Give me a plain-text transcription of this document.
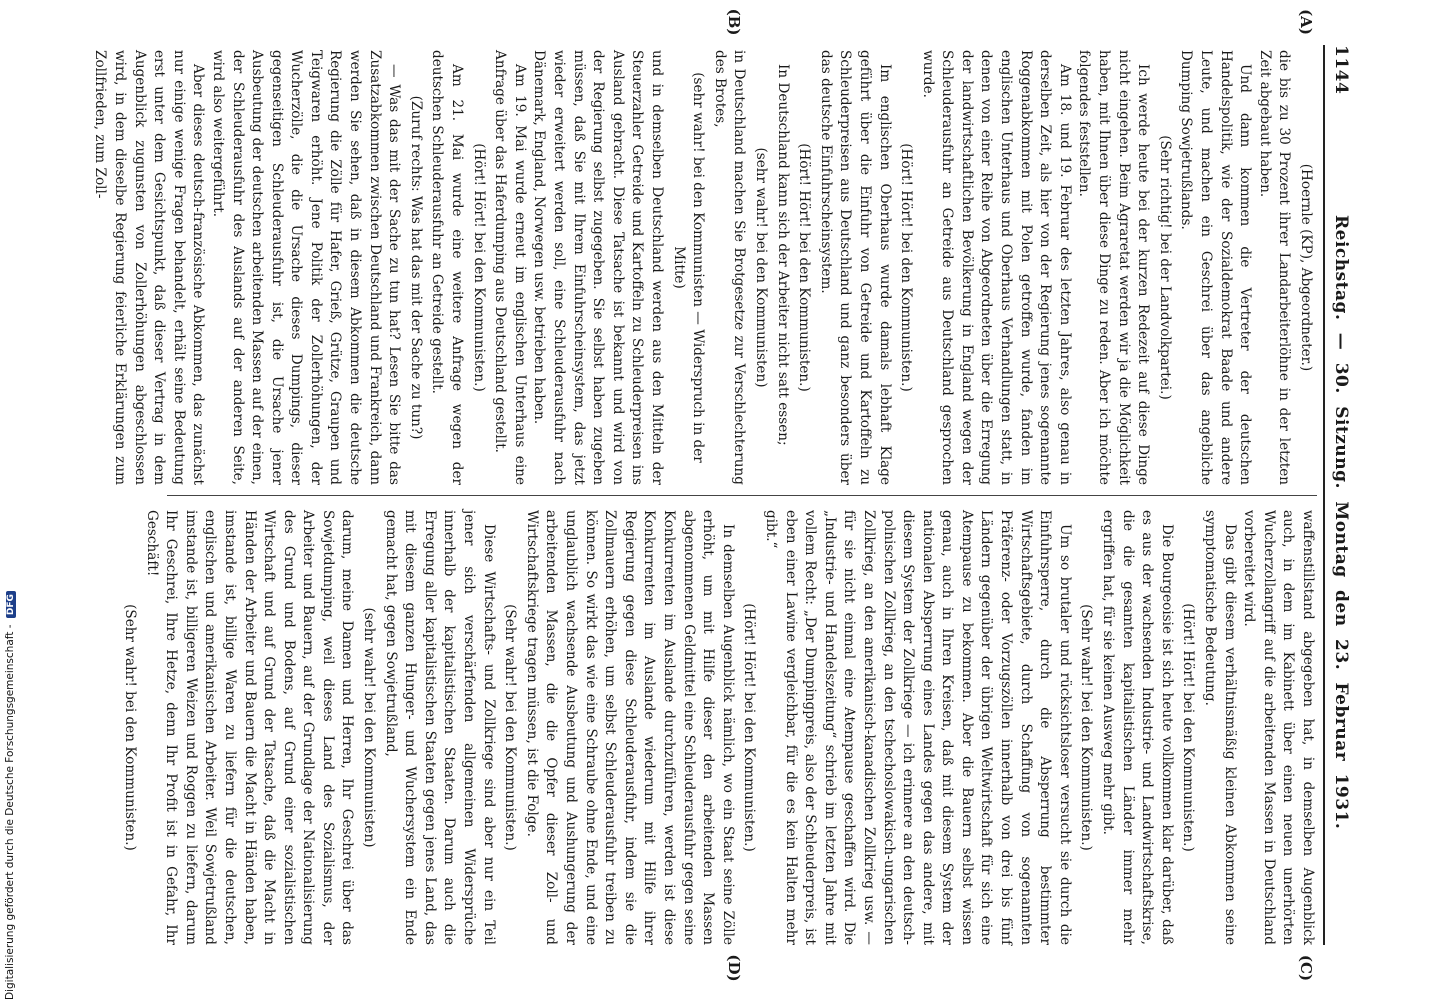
1144
Reichstag. — 30. Sitzung. Montag den 23. Februar 1931.
(A)
(B)
(C)
(D)

(Hoernle (KP), Abgeordneter.)

die bis zu 30 Prozent ihrer Landarbeiterlöhne in der letzten Zeit abgebaut haben.

Und dann kommen die Vertreter der deutschen Handelspolitik, wie der Sozialdemokrat Baade und andere Leute, und machen ein Geschrei über das angebliche Dumping Sowjetrußlands.

(Sehr richtig! bei der Landvolkpartei.)

Ich werde heute bei der kurzen Redezeit auf diese Dinge nicht eingehen. Beim Agraretat werden wir ja die Möglichkeit haben, mit Ihnen über diese Dinge zu reden. Aber ich möchte folgendes feststellen.

Am 18. und 19. Februar des letzten Jahres, also genau in derselben Zeit, als hier von der Regierung jenes sogenannte Roggenabkommen mit Polen getroffen wurde, fanden im englischen Unterhaus und Oberhaus Verhandlungen statt, in denen von einer Reihe von Abgeordneten über die Erregung der landwirtschaftlichen Bevölkerung in England wegen der Schleuderausfuhr an Getreide aus Deutschland gesprochen wurde.

(Hört! Hört! bei den Kommunisten.)

Im englischen Oberhaus wurde damals lebhaft Klage geführt über die Einfuhr von Getreide und Kartoffeln zu Schleuderpreisen aus Deutschland und ganz besonders über das deutsche Einfuhrscheinsystem.

(Hört! Hört! bei den Kommunisten.)

In Deutschland kann sich der Arbeiter nicht satt essen;

(sehr wahr! bei den Kommunisten)

in Deutschland machen Sie Brotgesetze zur Verschlechterung des Brotes,

(sehr wahr! bei den Kommunisten — Widerspruch in der Mitte)

und in demselben Deutschland werden aus den Mitteln der Steuerzahler Getreide und Kartoffeln zu Schleuderpreisen ins Ausland gebracht. Diese Tatsache ist bekannt und wird von der Regierung selbst zugegeben. Sie selbst haben zugeben müssen, daß Sie mit Ihrem Einfuhrscheinsystem, das jetzt wieder erweitert werden soll, eine Schleuderausfuhr nach Dänemark, England, Norwegen usw. betrieben haben.

Am 19. Mai wurde erneut im englischen Unterhaus eine Anfrage über das Haferdumping aus Deutschland gestellt.

(Hört! Hört! bei den Kommunisten.)

Am 21. Mai wurde eine weitere Anfrage wegen der deutschen Schleuderausfuhr an Getreide gestellt.

(Zuruf rechts: Was hat das mit der Sache zu tun?)

— Was das mit der Sache zu tun hat? Lesen Sie bitte das Zusatzabkommen zwischen Deutschland und Frankreich, dann werden Sie sehen, daß in diesem Abkommen die deutsche Regierung die Zölle für Hafer, Grieß, Grütze, Graupen und Teigwaren erhöht. Jene Politik der Zollerhöhungen, der Wucherzölle, die die Ursache dieses Dumpings, dieser gegenseitigen Schleuderausfuhr ist, die Ursache jener Ausbeutung der deutschen arbeitenden Massen auf der einen, der Schleuderausfuhr des Auslands auf der anderen Seite, wird also weitergeführt.

Aber dieses deutsch-französische Abkommen, das zunächst nur einige wenige Fragen behandelt, erhält seine Bedeutung erst unter dem Gesichtspunkt, daß dieser Vertrag in dem Augenblick zugunsten von Zollerhöhungen abgeschlossen wird, in dem dieselbe Regierung feierliche Erklärungen zum Zollfrieden, zum Zoll-

waffenstillstand abgegeben hat, in demselben Augenblick auch, in dem im Kabinett über einen neuen unerhörten Wucherzollangriff auf die arbeitenden Massen in Deutschland vorbereitet wird.

Das gibt diesem verhältnismäßig kleinen Abkommen seine symptomatische Bedeutung.

(Hört! Hört! bei den Kommunisten.)

Die Bourgeoisie ist sich heute vollkommen klar darüber, daß es aus der wachsenden Industrie- und Landwirtschaftskrise, die die gesamten kapitalistischen Länder immer mehr ergriffen hat, für sie keinen Ausweg mehr gibt.

(Sehr wahr! bei den Kommunisten.)

Um so brutaler und rücksichtsloser versucht sie durch die Einfuhrsperre, durch die Absperrung bestimmter Wirtschaftsgebiete, durch Schaffung von sogenannten Präferenz- oder Vorzugszöllen innerhalb von drei bis fünf Ländern gegenüber der übrigen Weltwirtschaft für sich eine Atempause zu bekommen. Aber die Bauern selbst wissen genau, auch in Ihren Kreisen, daß mit diesem System der nationalen Absperrung eines Landes gegen das andere, mit diesem System der Zollkriege — ich erinnere an den deutsch-polnischen Zollkrieg, an den tschechoslowakisch-ungarischen Zollkrieg, an den amerikanisch-kanadischen Zollkrieg usw. — für sie nicht einmal eine Atempause geschaffen wird. Die „Industrie- und Handelszeitung“ schrieb im letzten Jahre mit vollem Recht: „Der Dumpingpreis, also der Schleuderpreis, ist eben einer Lawine vergleichbar, für die es kein Halten mehr gibt.“

(Hört! Hört! bei den Kommunisten.)

In demselben Augenblick nämlich, wo ein Staat seine Zölle erhöht, um mit Hilfe dieser den arbeitenden Massen abgenommenen Geldmittel eine Schleuderausfuhr gegen seine Konkurrenten im Auslande durchzuführen, werden ist diese Konkurrenten im Auslande wiederum mit Hilfe ihrer Regierung gegen diese Schleuderausfuhr, indem sie die Zollmauern erhöhen, um selbst Schleuderausfuhr treiben zu können. So wirkt das wie eine Schraube ohne Ende, und eine unglaublich wachsende Ausbeutung und Aushungerung der arbeitenden Massen, die die Opfer dieser Zoll- und Wirtschaftskriege tragen müssen, ist die Folge.

(Sehr wahr! bei den Kommunisten.)

Diese Wirtschafts- und Zollkriege sind aber nur ein Teil jener sich verschärfenden allgemeinen Widersprüche innerhalb der kapitalistischen Staaten. Darum auch die Erregung aller kapitalistischen Staaten gegen jenes Land, das mit diesem ganzen Hunger- und Wuchersystem ein Ende gemacht hat, gegen Sowjetrußland,

(sehr wahr! bei den Kommunisten)

darum, meine Damen und Herren, Ihr Geschrei über das Sowjetdumping, weil dieses Land des Sozialismus, der Arbeiter und Bauern, auf der Grundlage der Nationalisierung des Grund und Bodens, auf Grund einer sozialistischen Wirtschaft und auf Grund der Tatsache, daß die Macht in Händen der Arbeiter und Bauern die Macht in Händen haben, imstande ist, billige Waren zu liefern für die deutschen, englischen und amerikanischen Arbeiter. Weil Sowjetrußland imstande ist, billigeren Weizen und Roggen zu liefern, darum Ihr Geschrei, Ihre Hetze, denn Ihr Profit ist in Gefahr, Ihr Geschäft!

(Sehr wahr! bei den Kommunisten.)

Digitalisierung gefördert durch die Deutsche Forschungsgemeinschaft - DFG
